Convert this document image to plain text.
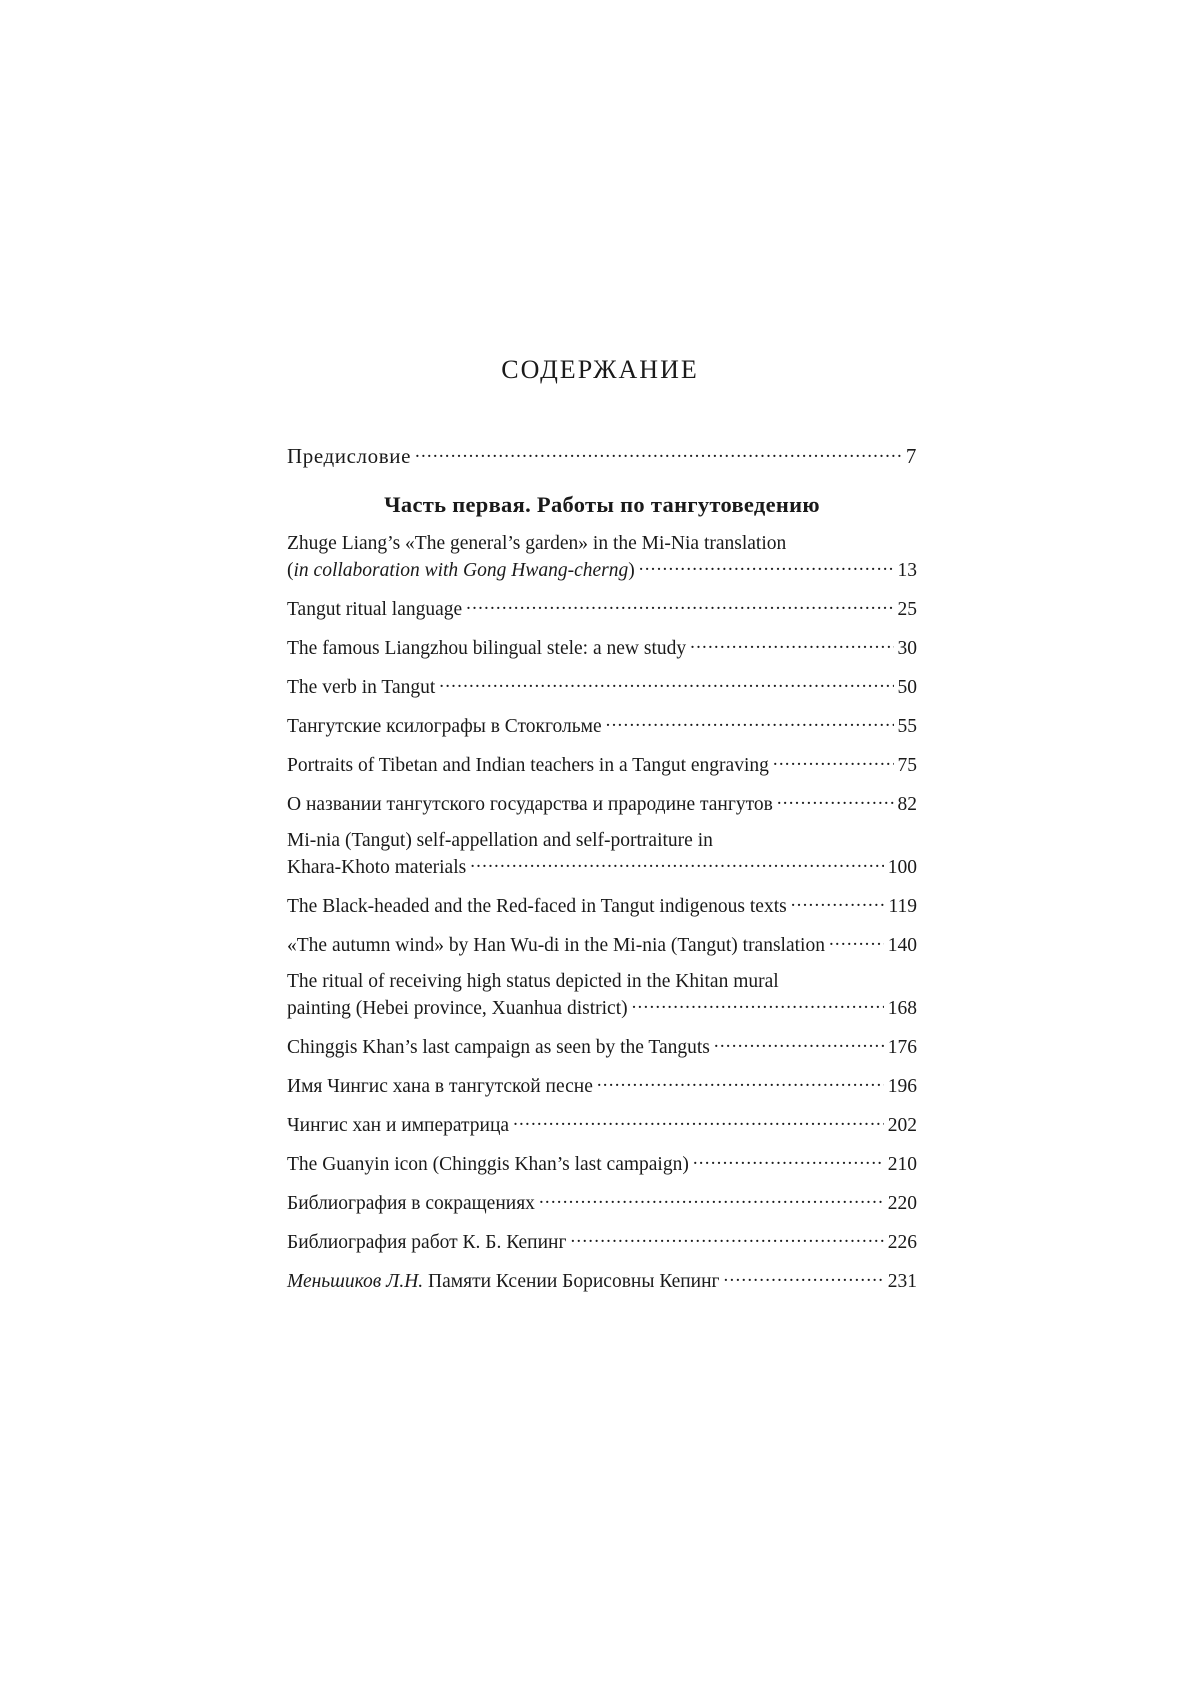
СОДЕРЖАНИЕ
Предисловие .....	7
Часть первая. Работы по тангутоведению
Zhuge Liang’s «The general’s garden» in the Mi-Nia translation
(in collaboration with Gong Hwang-cherng) .....	13
Tangut ritual language .....	25
The famous Liangzhou bilingual stele: a new study .....	30
The verb in Tangut .....	50
Тангутские ксилографы в Стокгольме .....	55
Portraits of Tibetan and Indian teachers in a Tangut engraving .....	75
О названии тангутского государства и прародине тангутов .....	82
Mi-nia (Tangut) self-appellation and self-portraiture in
Khara-Khoto materials .....	100
The Black-headed and the Red-faced in Tangut indigenous texts .....	119
«The autumn wind» by Han Wu-di in the Mi-nia (Tangut) translation .....	140
The ritual of receiving high status depicted in the Khitan mural
painting (Hebei province, Xuanhua district) .....	168
Chinggis Khan’s last campaign as seen by the Tanguts .....	176
Имя Чингис хана в тангутской песне .....	196
Чингис хан и императрица .....	202
The Guanyin icon (Chinggis Khan’s last campaign) .....	210
Библиография в сокращениях .....	220
Библиография работ К. Б. Кепинг .....	226
Меньшиков Л.Н. Памяти Ксении Борисовны Кепинг .....	231
